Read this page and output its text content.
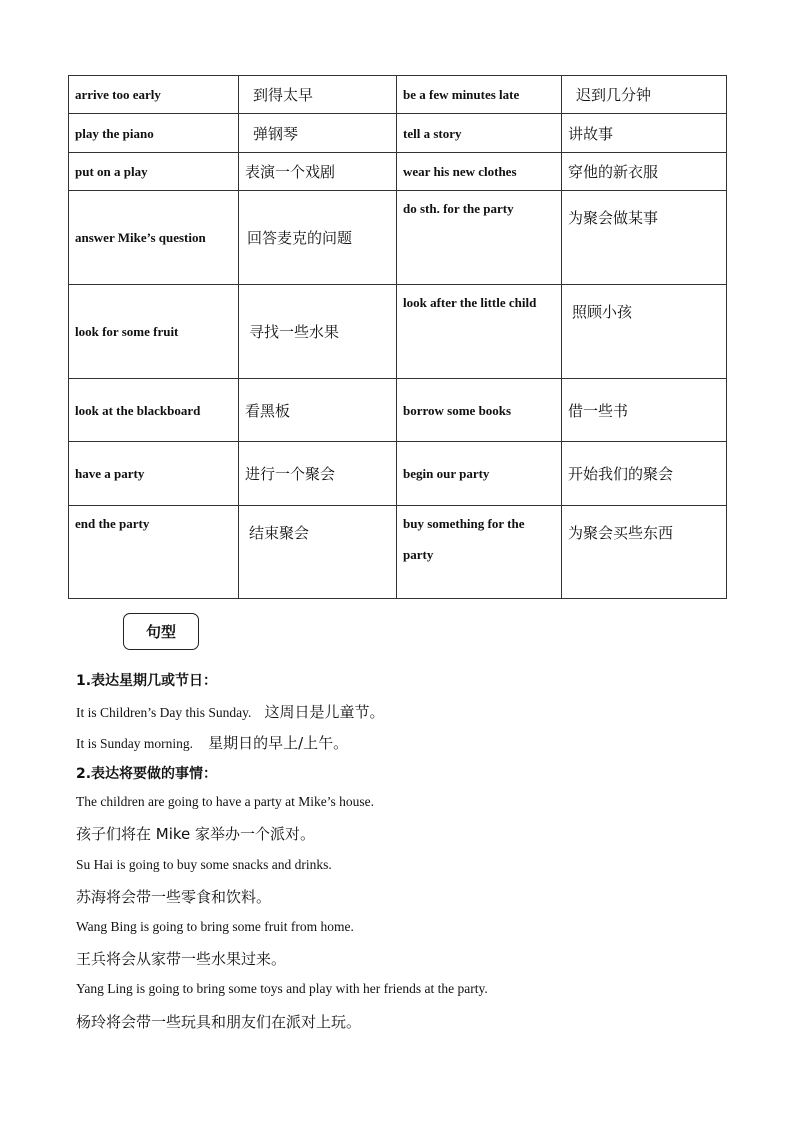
arrive too early	到得太早	be a few minutes late	迟到几分钟
play the piano	弹钢琴	tell a story	讲故事
put on a play	表演一个戏剧	wear his new clothes	穿他的新衣服
answer Mike’s question	回答麦克的问题	do sth. for the party	为聚会做某事
look for some fruit	寻找一些水果	look after the little child	照顾小孩
look at the blackboard	看黑板	borrow some books	借一些书
have a party	进行一个聚会	begin our party	开始我们的聚会
end the party	结束聚会	buy something for the party	为聚会买些东西
句型
1.表达星期几或节日：
It is Children’s Day this Sunday. 这周日是儿童节。
It is Sunday morning. 星期日的早上/上午。
2.表达将要做的事情：
The children are going to have a party at Mike’s house.
孩子们将在 Mike 家举办一个派对。
Su Hai is going to buy some snacks and drinks.
苏海将会带一些零食和饮料。
Wang Bing is going to bring some fruit from home.
王兵将会从家带一些水果过来。
Yang Ling is going to bring some toys and play with her friends at the party.
杨玲将会带一些玩具和朋友们在派对上玩。
